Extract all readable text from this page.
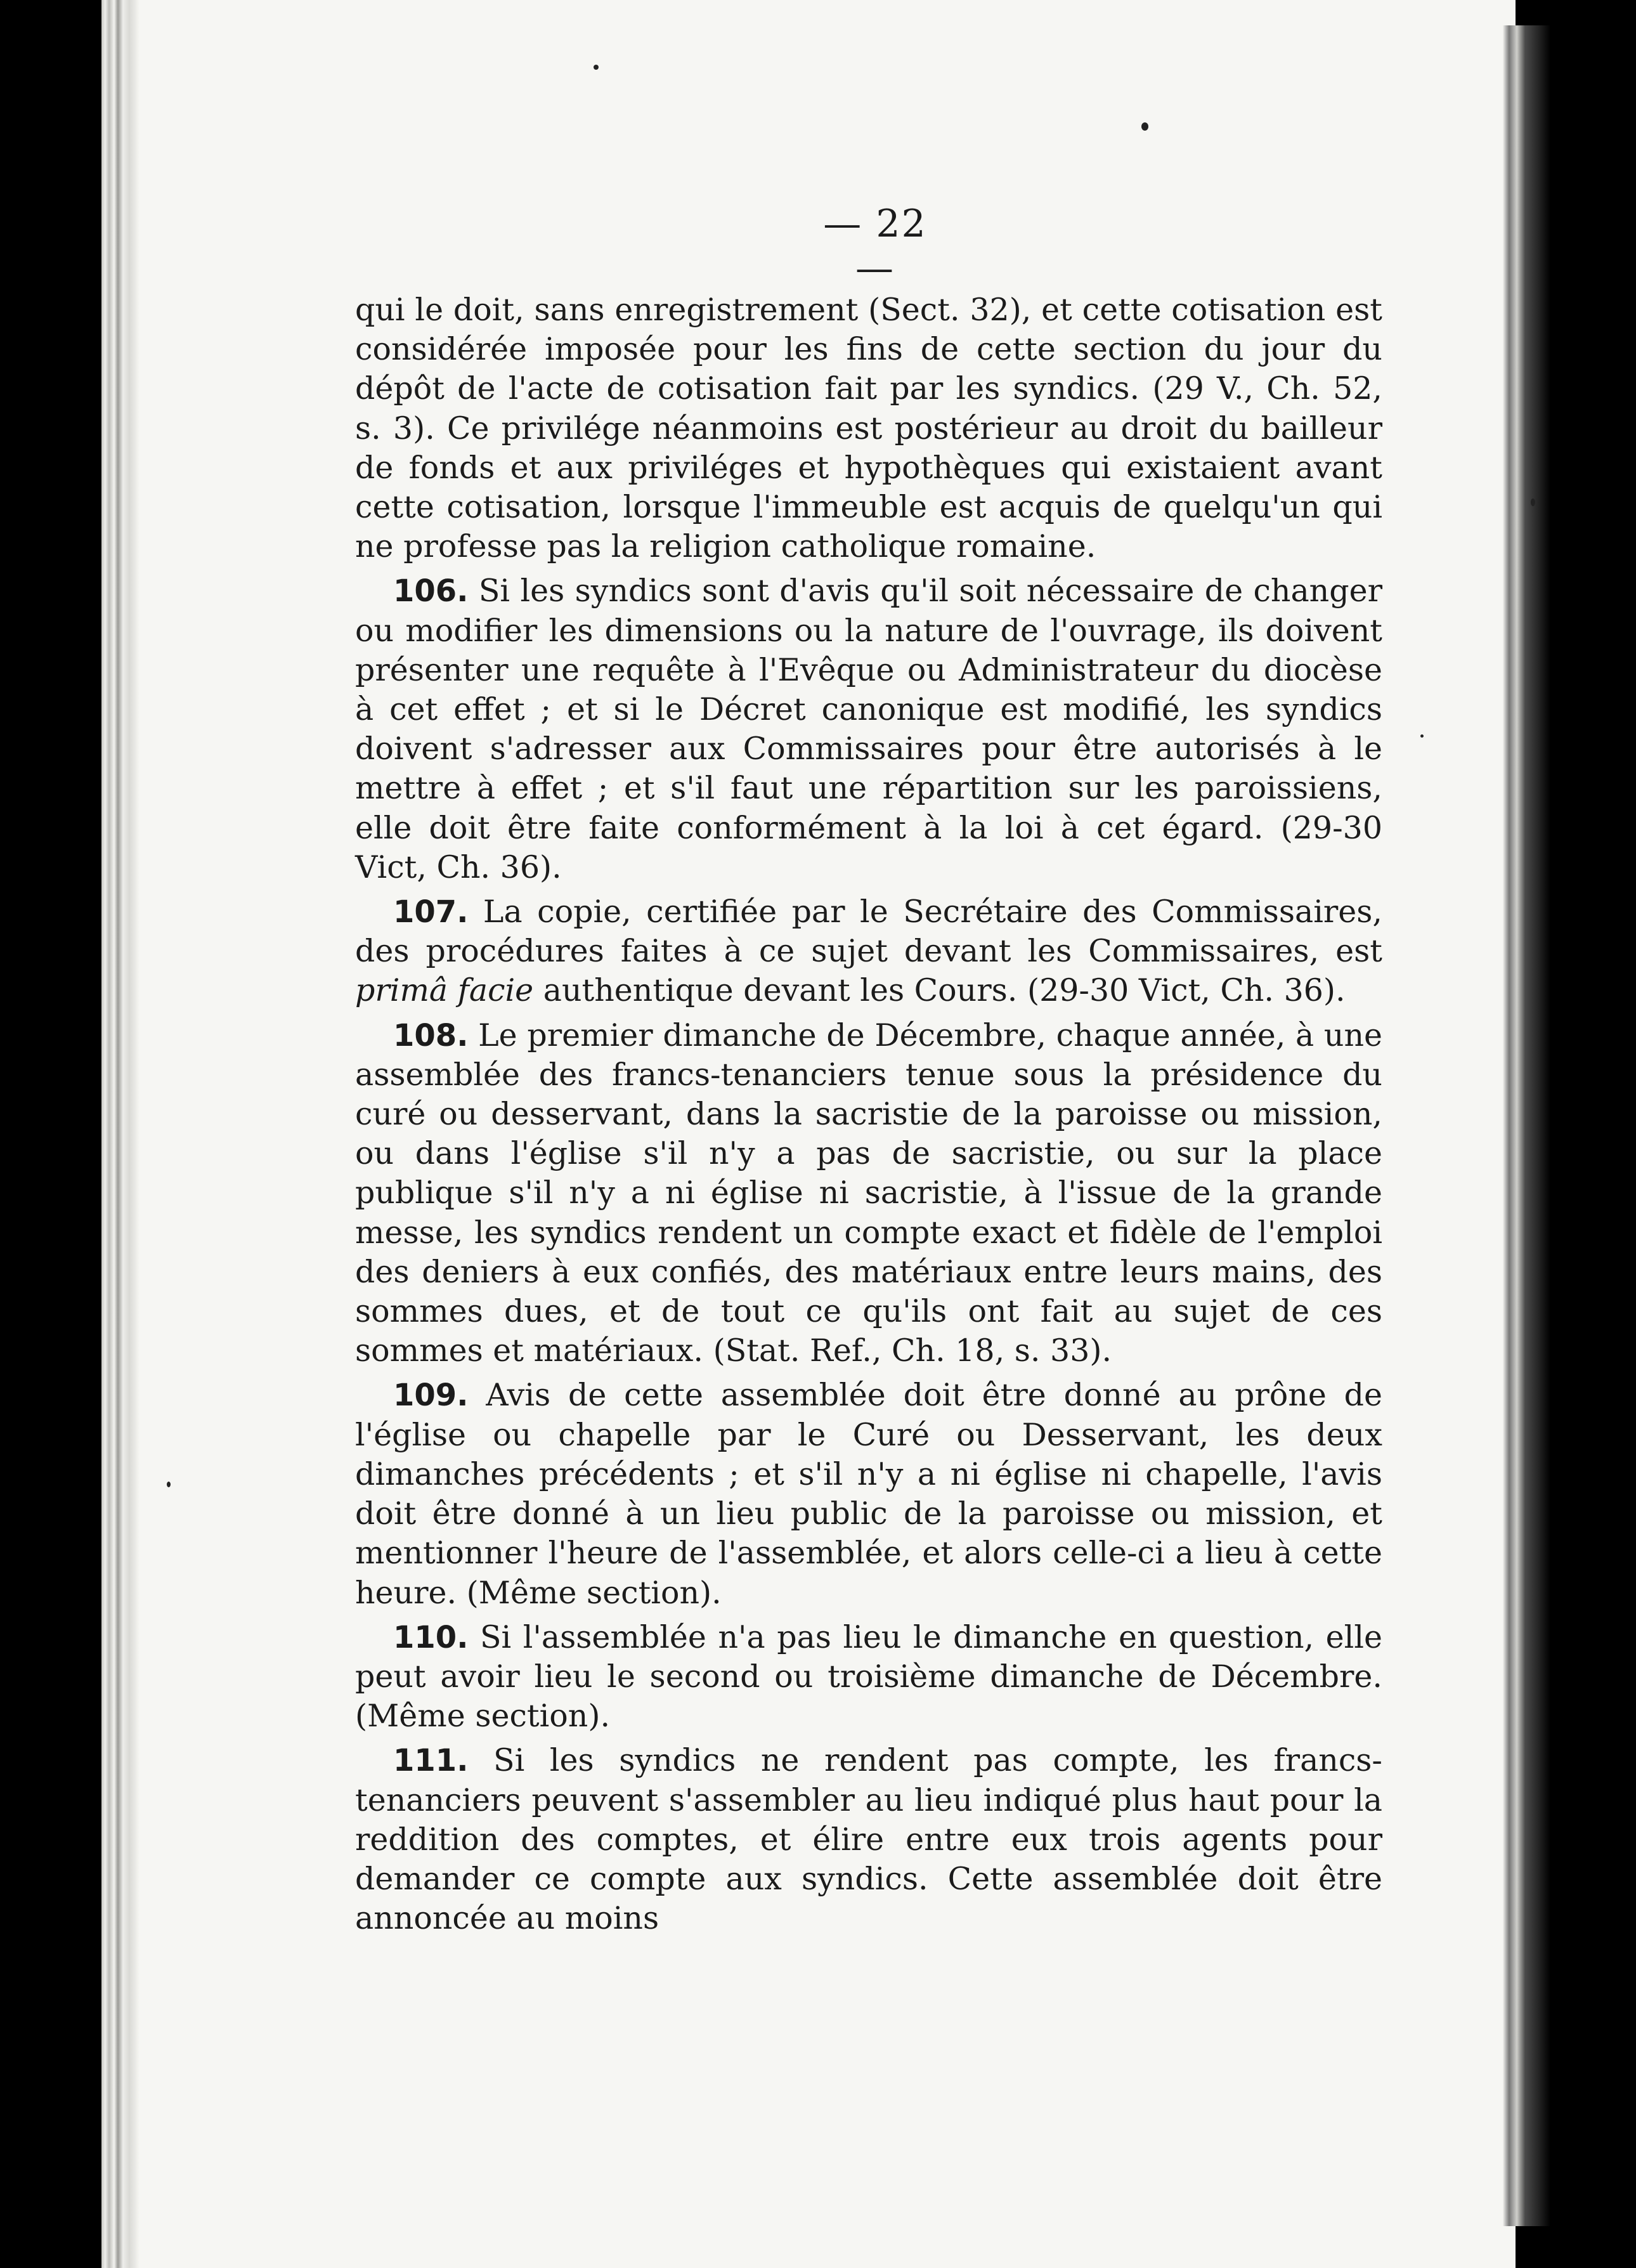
— 22 —

qui le doit, sans enregistrement (Sect. 32), et cette cotisation est considérée imposée pour les fins de cette section du jour du dépôt de l'acte de cotisation fait par les syndics. (29 V., Ch. 52, s. 3). Ce privilége néanmoins est postérieur au droit du bailleur de fonds et aux priviléges et hypothèques qui existaient avant cette cotisation, lorsque l'immeuble est acquis de quelqu'un qui ne professe pas la religion catholique romaine.

106. Si les syndics sont d'avis qu'il soit nécessaire de changer ou modifier les dimensions ou la nature de l'ouvrage, ils doivent présenter une requête à l'Evêque ou Administrateur du diocèse à cet effet ; et si le Décret canonique est modifié, les syndics doivent s'adresser aux Commissaires pour être autorisés à le mettre à effet ; et s'il faut une répartition sur les paroissiens, elle doit être faite conformément à la loi à cet égard. (29-30 Vict, Ch. 36).

107. La copie, certifiée par le Secrétaire des Commissaires, des procédures faites à ce sujet devant les Commissaires, est primâ facie authentique devant les Cours. (29-30 Vict, Ch. 36).

108. Le premier dimanche de Décembre, chaque année, à une assemblée des francs-tenanciers tenue sous la présidence du curé ou desservant, dans la sacristie de la paroisse ou mission, ou dans l'église s'il n'y a pas de sacristie, ou sur la place publique s'il n'y a ni église ni sacristie, à l'issue de la grande messe, les syndics rendent un compte exact et fidèle de l'emploi des deniers à eux confiés, des matériaux entre leurs mains, des sommes dues, et de tout ce qu'ils ont fait au sujet de ces sommes et matériaux. (Stat. Ref., Ch. 18, s. 33).

109. Avis de cette assemblée doit être donné au prône de l'église ou chapelle par le Curé ou Desservant, les deux dimanches précédents ; et s'il n'y a ni église ni chapelle, l'avis doit être donné à un lieu public de la paroisse ou mission, et mentionner l'heure de l'assemblée, et alors celle-ci a lieu à cette heure. (Même section).

110. Si l'assemblée n'a pas lieu le dimanche en question, elle peut avoir lieu le second ou troisième dimanche de Décembre. (Même section).

111. Si les syndics ne rendent pas compte, les francs-tenanciers peuvent s'assembler au lieu indiqué plus haut pour la reddition des comptes, et élire entre eux trois agents pour demander ce compte aux syndics. Cette assemblée doit être annoncée au moins
